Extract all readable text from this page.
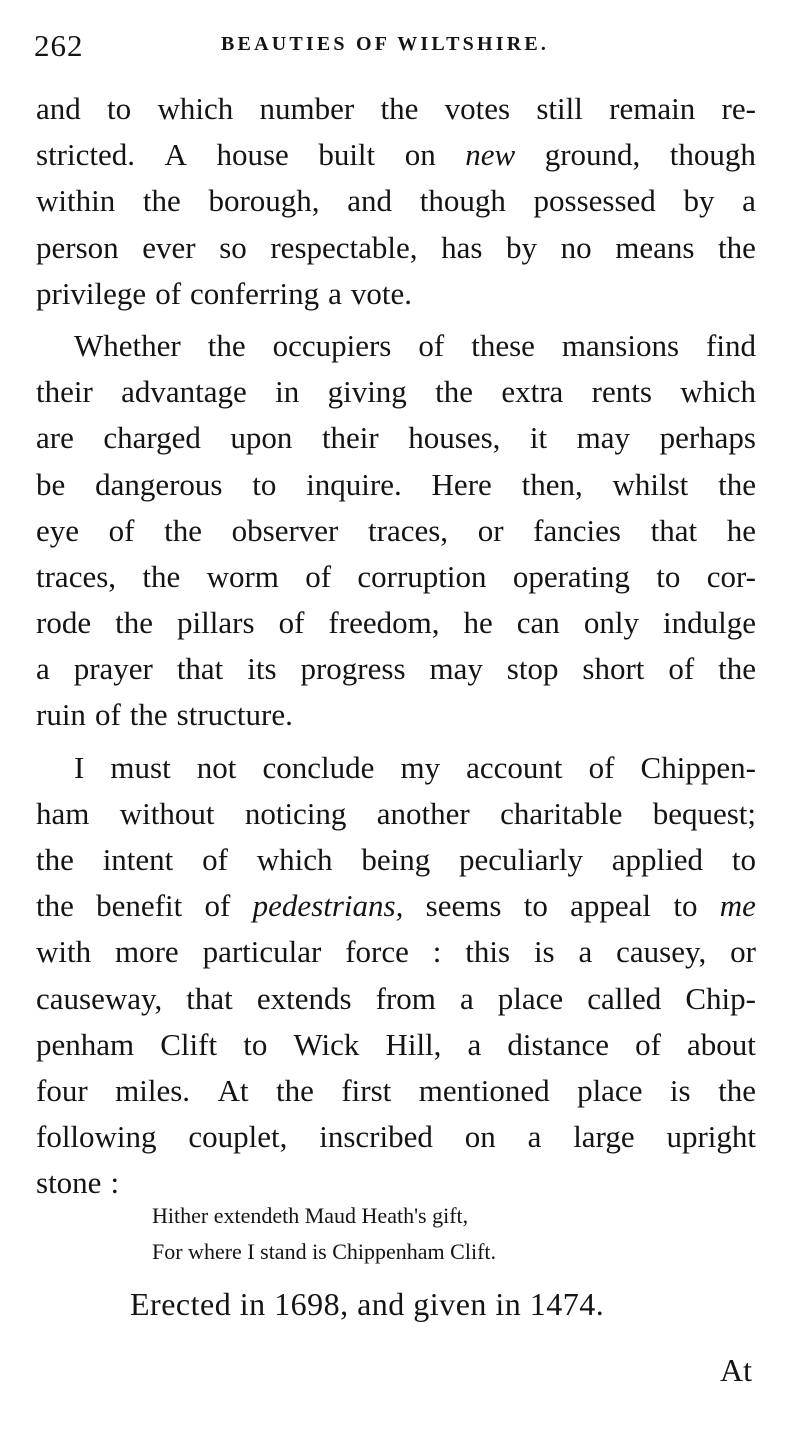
262	BEAUTIES OF WILTSHIRE.
and to which number the votes still remain re-
stricted. A house built on new ground, though
within the borough, and though possessed by a
person ever so respectable, has by no means the
privilege of conferring a vote.
Whether the occupiers of these mansions find
their advantage in giving the extra rents which
are charged upon their houses, it may perhaps
be dangerous to inquire. Here then, whilst the
eye of the observer traces, or fancies that he
traces, the worm of corruption operating to cor-
rode the pillars of freedom, he can only indulge
a prayer that its progress may stop short of the
ruin of the structure.
I must not conclude my account of Chippen-
ham without noticing another charitable bequest;
the intent of which being peculiarly applied to
the benefit of pedestrians, seems to appeal to me
with more particular force : this is a causey, or
causeway, that extends from a place called Chip-
penham Clift to Wick Hill, a distance of about
four miles. At the first mentioned place is the
following couplet, inscribed on a large upright
stone :
Hither extendeth Maud Heath's gift,
For where I stand is Chippenham Clift.
Erected in 1698, and given in 1474.
At
